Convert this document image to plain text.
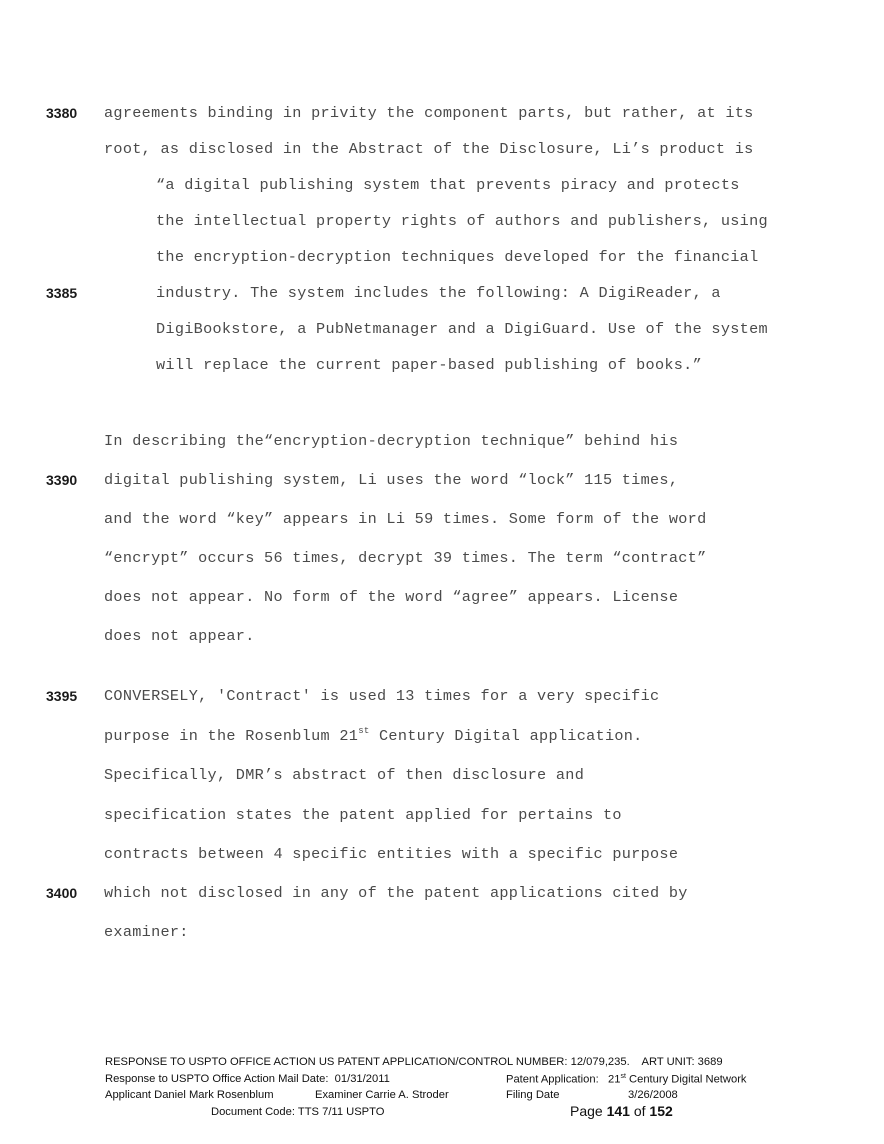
3380
3385
3390
3395
3400
agreements binding in privity the component parts, but rather, at its
root, as disclosed in the Abstract of the Disclosure, Li’s product is
“a digital publishing system that prevents piracy and protects
the intellectual property rights of authors and publishers, using
the encryption-decryption techniques developed for the financial
industry. The system includes the following: A DigiReader, a
DigiBookstore, a PubNetmanager and a DigiGuard. Use of the system
will replace the current paper-based publishing of books.”
In describing the“encryption-decryption technique” behind his
digital publishing system, Li uses the word “lock” 115 times,
and the word “key” appears in Li 59 times. Some form of the word
“encrypt” occurs 56 times, decrypt 39 times. The term “contract”
does not appear. No form of the word “agree” appears. License
does not appear.
CONVERSELY, 'Contract' is used 13 times for a very specific
purpose in the Rosenblum 21st Century Digital application.
Specifically, DMR’s abstract of then disclosure and
specification states the patent applied for pertains to
contracts between 4 specific entities with a specific purpose
which not disclosed in any of the patent applications cited by
examiner:
RESPONSE TO USPTO OFFICE ACTION US PATENT APPLICATION/CONTROL NUMBER: 12/079,235.    ART UNIT: 3689
Response to USPTO Office Action Mail Date:  01/31/2011	Patent Application:   21st Century Digital Network
Applicant Daniel Mark Rosenblum	Examiner Carrie A. Stroder	Filing Date	3/26/2008
Document Code: TTS 7/11 USPTO	Page 141 of 152
